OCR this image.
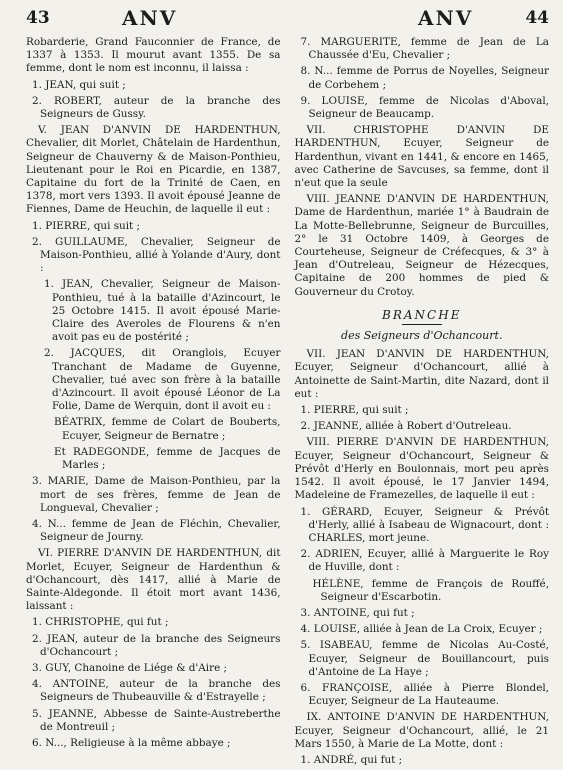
43	ANV	ANV	44

Robarderie, Grand Fauconnier de France, de 1337 à 1353. Il mourut avant 1355. De sa femme, dont le nom est inconnu, il laissa :

1. JEAN, qui suit ;
2. ROBERT, auteur de la branche des Seigneurs de Gussy.

V. JEAN D'ANVIN DE HARDENTHUN, Chevalier, dit Morlet, Châtelain de Hardenthun, Seigneur de Chauverny & de Maison-Ponthieu, Lieutenant pour le Roi en Picardie, en 1387, Capitaine du fort de la Trinité de Caen, en 1378, mort vers 1393. Il avoit épousé Jeanne de Fiennes, Dame de Heuchin, de laquelle il eut :

1. PIERRE, qui suit ;
2. GUILLAUME, Chevalier, Seigneur de Maison-Ponthieu, allié à Yolande d'Aury, dont :
1. JEAN, Chevalier, Seigneur de Maison-Ponthieu, tué à la bataille d'Azincourt, le 25 Octobre 1415. Il avoit épousé Marie-Claire des Averoles de Flourens & n'en avoit pas eu de postérité ;
2. JACQUES, dit Oranglois, Ecuyer Tranchant de Madame de Guyenne, Chevalier, tué avec son frère à la bataille d'Azincourt. Il avoit épousé Léonor de La Folie, Dame de Werquin, dont il avoit eu :
BÉATRIX, femme de Colart de Bouberts, Ecuyer, Seigneur de Bernatre ;
Et RADEGONDE, femme de Jacques de Marles ;
3. MARIE, Dame de Maison-Ponthieu, par la mort de ses frères, femme de Jean de Longueval, Chevalier ;
4. N... femme de Jean de Fléchin, Chevalier, Seigneur de Journy.

VI. PIERRE D'ANVIN DE HARDENTHUN, dit Morlet, Ecuyer, Seigneur de Hardenthun & d'Ochancourt, dès 1417, allié à Marie de Sainte-Aldegonde. Il étoit mort avant 1436, laissant :

1. CHRISTOPHE, qui fut ;
2. JEAN, auteur de la branche des Seigneurs d'Ochancourt ;
3. GUY, Chanoine de Liége & d'Aire ;
4. ANTOINE, auteur de la branche des Seigneurs de Thubeauville & d'Estrayelle ;
5. JEANNE, Abbesse de Sainte-Austreberthe de Montreuil ;
6. N..., Religieuse à la même abbaye ;
7. MARGUERITE, femme de Jean de La Chaussée d'Eu, Chevalier ;
8. N... femme de Porrus de Noyelles, Seigneur de Corbehem ;
9. LOUISE, femme de Nicolas d'Aboval, Seigneur de Beaucamp.

VII. CHRISTOPHE D'ANVIN DE HARDENTHUN, Ecuyer, Seigneur de Hardenthun, vivant en 1441, & encore en 1465, avec Catherine de Savcuses, sa femme, dont il n'eut que la seule

VIII. JEANNE D'ANVIN DE HARDENTHUN, Dame de Hardenthun, mariée 1° à Baudrain de La Motte-Bellebrunne, Seigneur de Burcuilles, 2° le 31 Octobre 1409, à Georges de Courteheuse, Seigneur de Créfecques, & 3° à Jean d'Outreleau, Seigneur de Hézecques, Capitaine de 200 hommes de pied & Gouverneur du Crotoy.

BRANCHE
des Seigneurs d'Ochancourt.

VII. JEAN D'ANVIN DE HARDENTHUN, Ecuyer, Seigneur d'Ochancourt, allié à Antoinette de Saint-Martin, dite Nazard, dont il eut :

1. PIERRE, qui suit ;
2. JEANNE, alliée à Robert d'Outreleau.

VIII. PIERRE D'ANVIN DE HARDENTHUN, Ecuyer, Seigneur d'Ochancourt, Seigneur & Prévôt d'Herly en Boulonnais, mort peu après 1542. Il avoit épousé, le 17 Janvier 1494, Madeleine de Framezelles, de laquelle il eut :

1. GÉRARD, Ecuyer, Seigneur & Prévôt d'Herly, allié à Isabeau de Wignacourt, dont : CHARLES, mort jeune.
2. ADRIEN, Ecuyer, allié à Marguerite le Roy de Huville, dont :
HÉLÈNE, femme de François de Rouffé, Seigneur d'Escarbotin.
3. ANTOINE, qui fut ;
4. LOUISE, alliée à Jean de La Croix, Ecuyer ;
5. ISABEAU, femme de Nicolas Au-Costé, Ecuyer, Seigneur de Bouillancourt, puis d'Antoine de La Haye ;
6. FRANÇOISE, alliée à Pierre Blondel, Ecuyer, Seigneur de La Hauteaume.

IX. ANTOINE D'ANVIN DE HARDENTHUN, Ecuyer, Seigneur d'Ochancourt, allié, le 21 Mars 1550, à Marie de La Motte, dont :

1. ANDRÉ, qui fut ;
